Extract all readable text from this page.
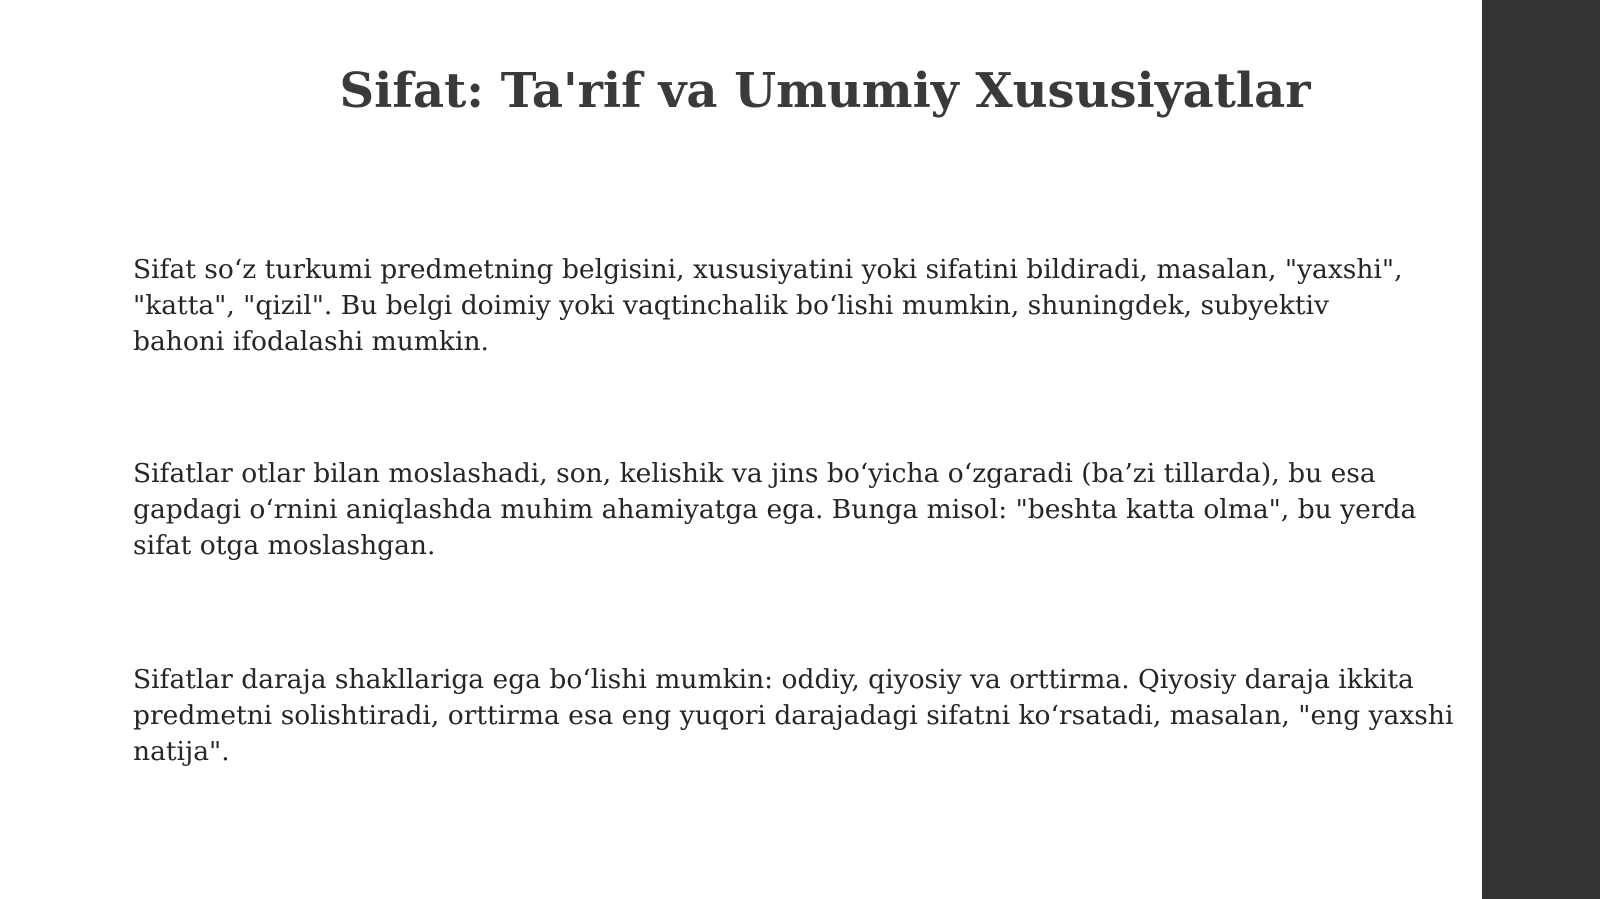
Sifat: Ta'rif va Umumiy Xususiyatlar

Sifat so‘z turkumi predmetning belgisini, xususiyatini yoki sifatini bildiradi, masalan, "yaxshi",
"katta", "qizil". Bu belgi doimiy yoki vaqtinchalik bo‘lishi mumkin, shuningdek, subyektiv
bahoni ifodalashi mumkin.

Sifatlar otlar bilan moslashadi, son, kelishik va jins bo‘yicha o‘zgaradi (ba’zi tillarda), bu esa
gapdagi o‘rnini aniqlashda muhim ahamiyatga ega. Bunga misol: "beshta katta olma", bu yerda
sifat otga moslashgan.

Sifatlar daraja shakllariga ega bo‘lishi mumkin: oddiy, qiyosiy va orttirma. Qiyosiy daraja ikkita
predmetni solishtiradi, orttirma esa eng yuqori darajadagi sifatni ko‘rsatadi, masalan, "eng yaxshi
natija".
